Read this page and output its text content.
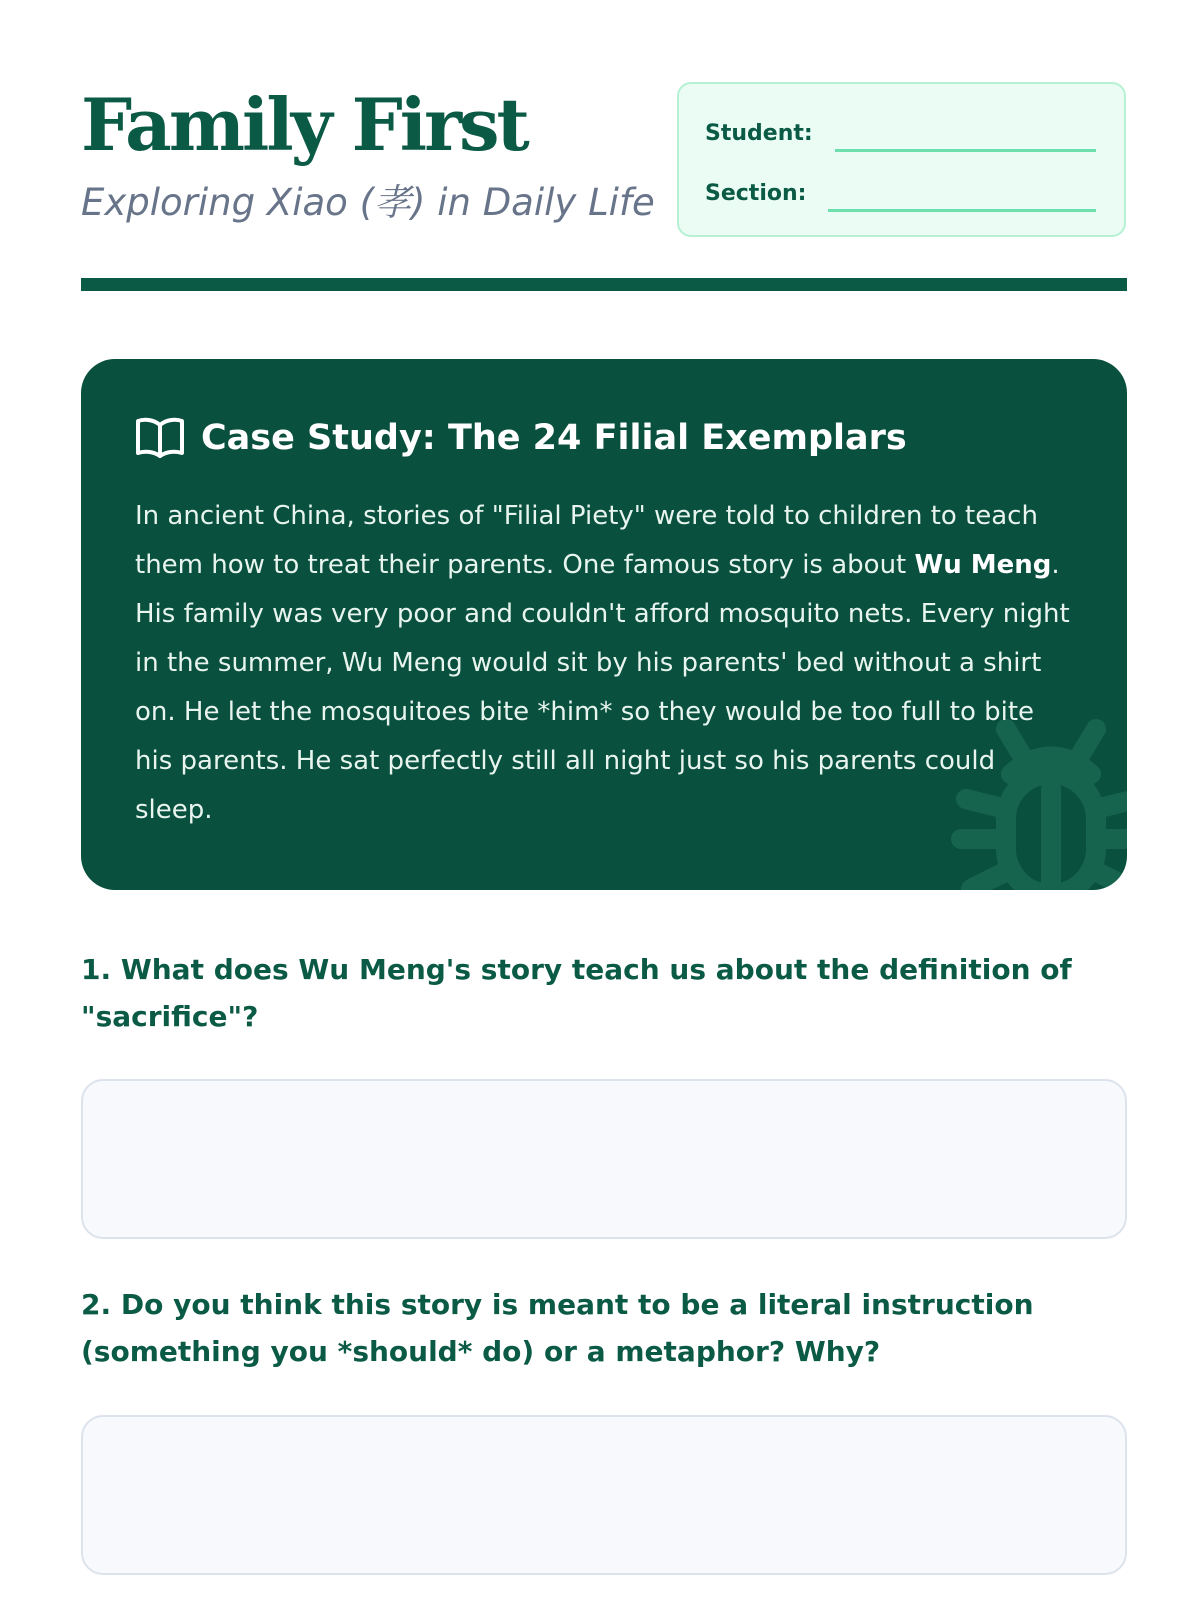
Family First
Exploring Xiao (孝) in Daily Life
Student:
Section:
Case Study: The 24 Filial Exemplars

In ancient China, stories of "Filial Piety" were told to children to teach them how to treat their parents. One famous story is about Wu Meng. His family was very poor and couldn't afford mosquito nets. Every night in the summer, Wu Meng would sit by his parents' bed without a shirt on. He let the mosquitoes bite *him* so they would be too full to bite his parents. He sat perfectly still all night just so his parents could sleep.

1. What does Wu Meng's story teach us about the definition of "sacrifice"?

2. Do you think this story is meant to be a literal instruction (something you *should* do) or a metaphor? Why?
